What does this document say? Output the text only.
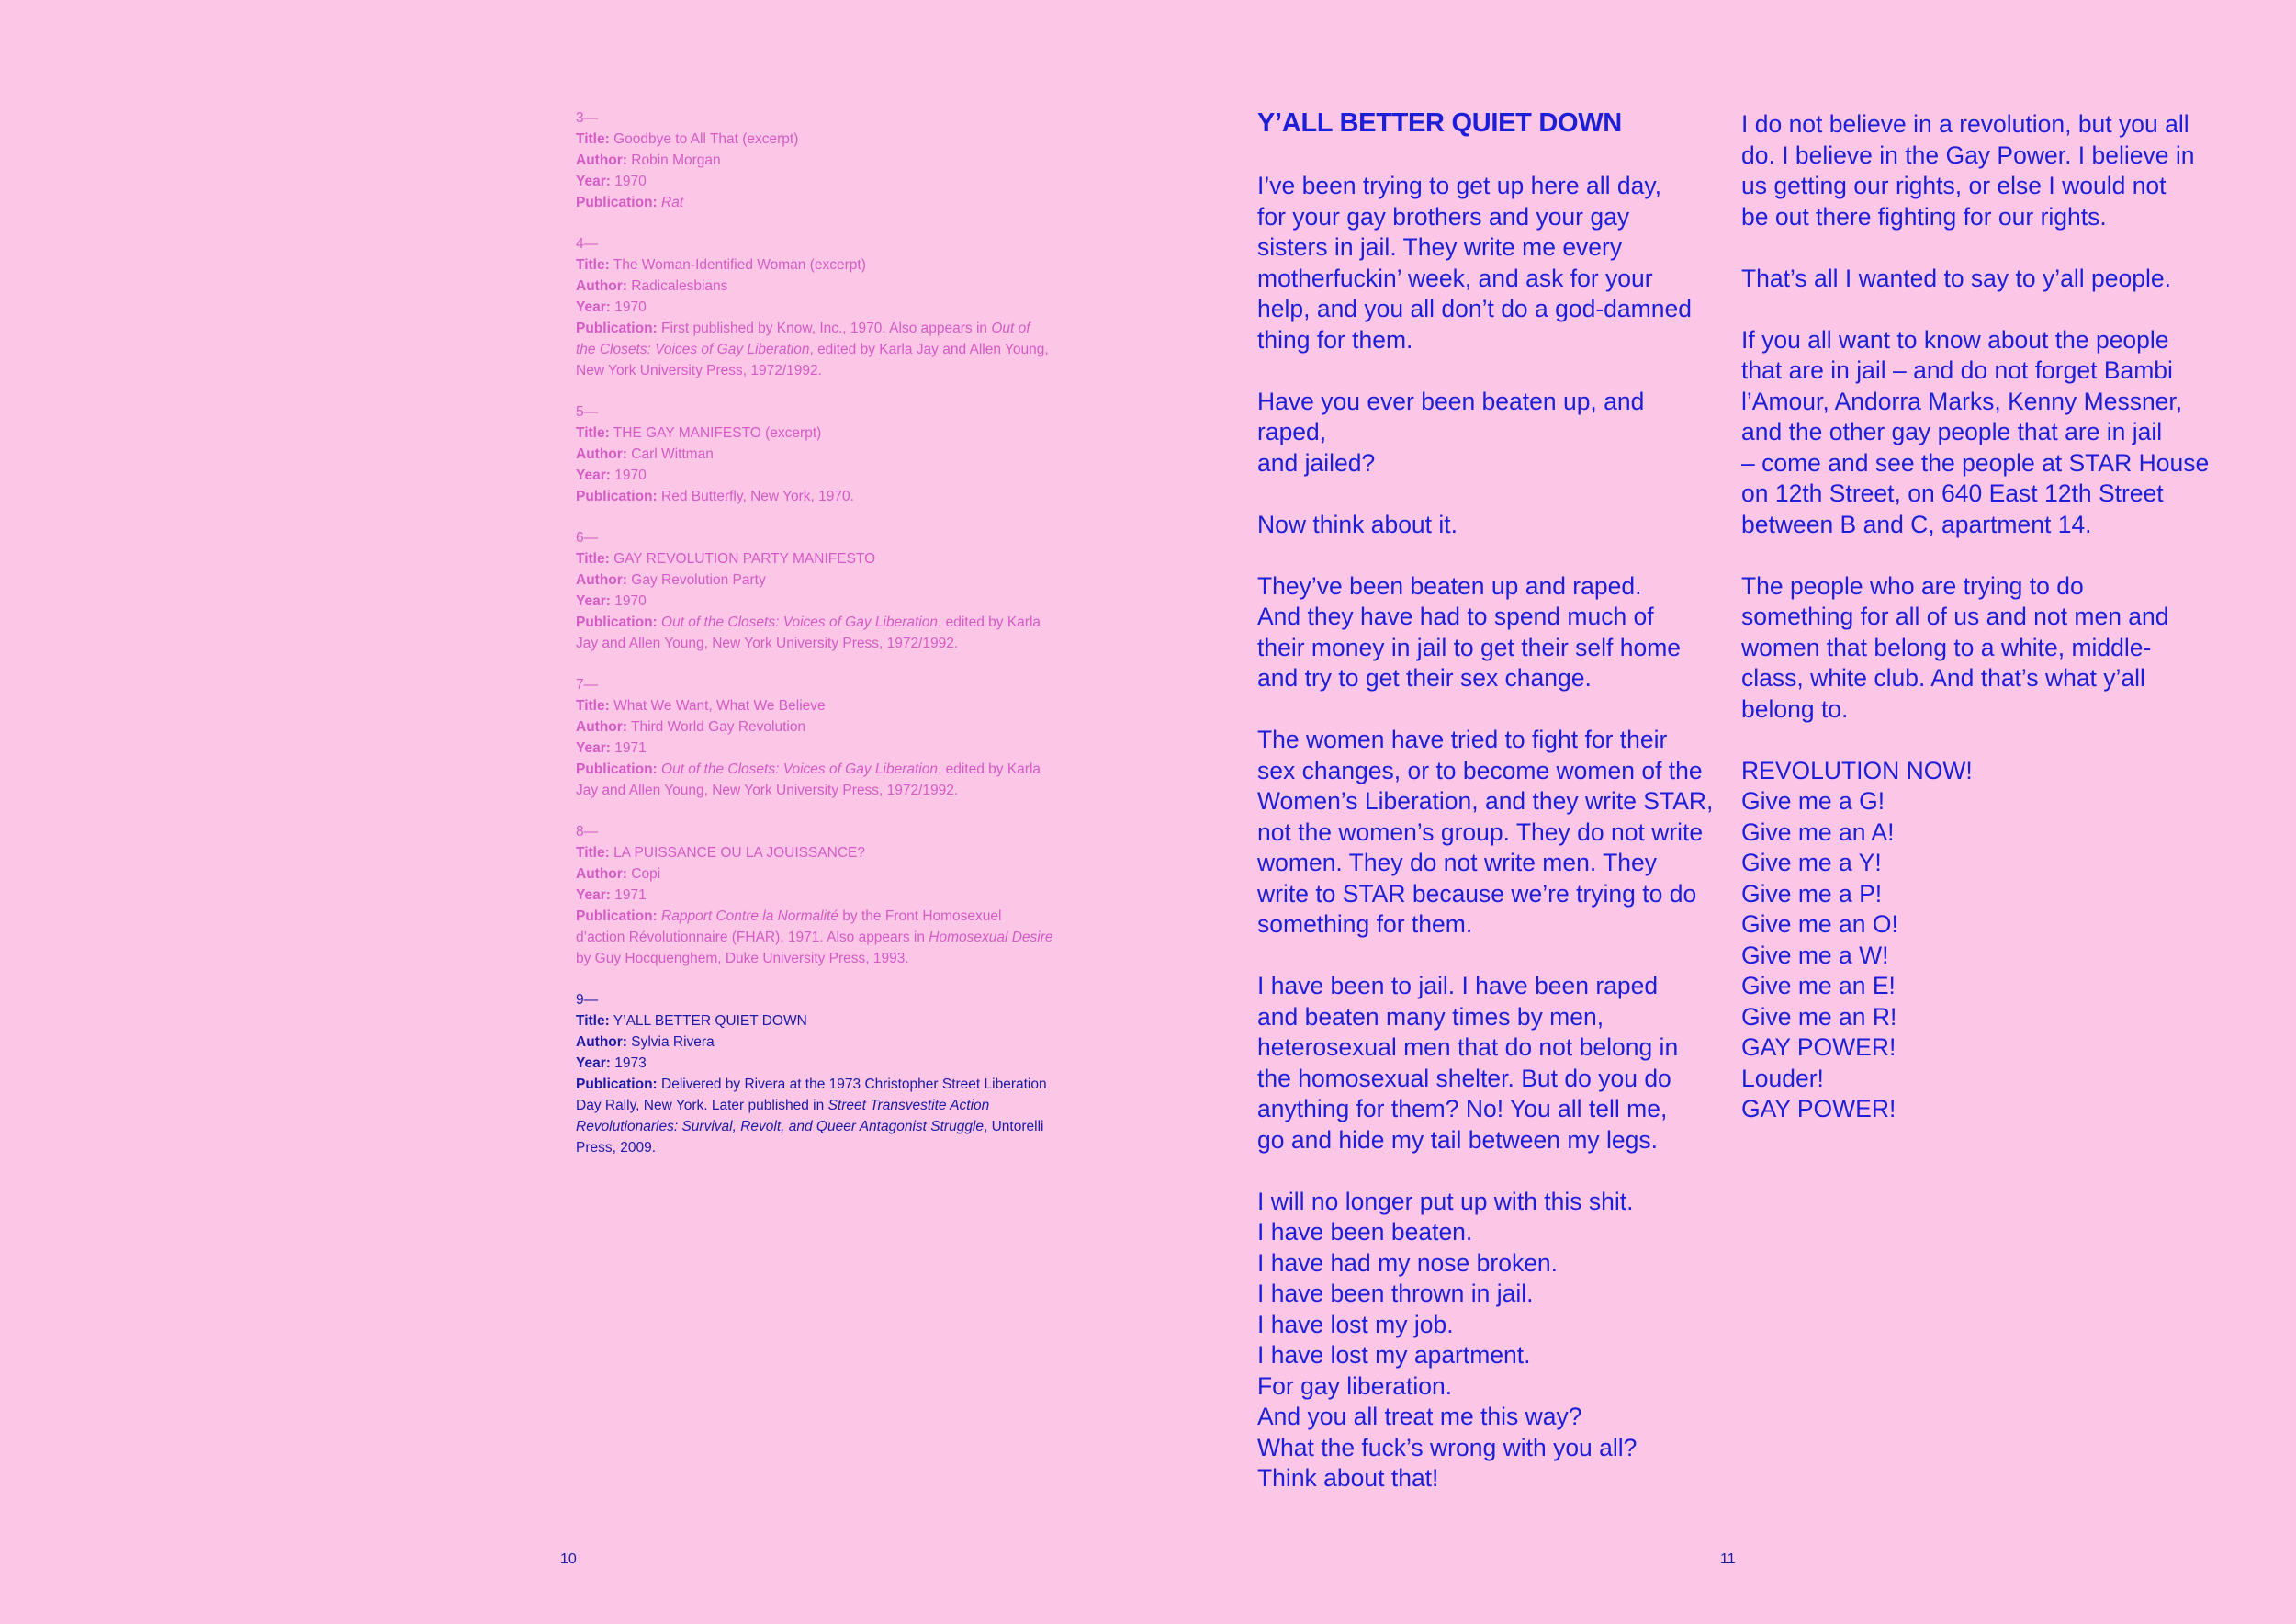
3—
Title: Goodbye to All That (excerpt)
Author: Robin Morgan
Year: 1970
Publication: Rat
4—
Title: The Woman-Identified Woman (excerpt)
Author: Radicalesbians
Year: 1970
Publication: First published by Know, Inc., 1970. Also appears in Out of the Closets: Voices of Gay Liberation, edited by Karla Jay and Allen Young, New York University Press, 1972/1992.
5—
Title: THE GAY MANIFESTO (excerpt)
Author: Carl Wittman
Year: 1970
Publication: Red Butterfly, New York, 1970.
6—
Title: GAY REVOLUTION PARTY MANIFESTO
Author: Gay Revolution Party
Year: 1970
Publication: Out of the Closets: Voices of Gay Liberation, edited by Karla Jay and Allen Young, New York University Press, 1972/1992.
7—
Title: What We Want, What We Believe
Author: Third World Gay Revolution
Year: 1971
Publication: Out of the Closets: Voices of Gay Liberation, edited by Karla Jay and Allen Young, New York University Press, 1972/1992.
8—
Title: LA PUISSANCE OU LA JOUISSANCE?
Author: Copi
Year: 1971
Publication: Rapport Contre la Normalité by the Front Homosexuel d’action Révolutionnaire (FHAR), 1971. Also appears in Homosexual Desire by Guy Hocquenghem, Duke University Press, 1993.
9—
Title: Y’ALL BETTER QUIET DOWN
Author: Sylvia Rivera
Year: 1973
Publication: Delivered by Rivera at the 1973 Christopher Street Liberation Day Rally, New York. Later published in Street Transvestite Action Revolutionaries: Survival, Revolt, and Queer Antagonist Struggle, Untorelli Press, 2009.
10
Y’ALL BETTER QUIET DOWN

I’ve been trying to get up here all day,
for your gay brothers and your gay
sisters in jail. They write me every
motherfuckin’ week, and ask for your
help, and you all don’t do a god-damned
thing for them.

Have you ever been beaten up, and raped,
and jailed?

Now think about it.

They’ve been beaten up and raped.
And they have had to spend much of
their money in jail to get their self home
and try to get their sex change.

The women have tried to fight for their
sex changes, or to become women of the
Women’s Liberation, and they write STAR,
not the women’s group. They do not write
women. They do not write men. They
write to STAR because we’re trying to do
something for them.

I have been to jail. I have been raped
and beaten many times by men,
heterosexual men that do not belong in
the homosexual shelter. But do you do
anything for them? No! You all tell me,
go and hide my tail between my legs.

I will no longer put up with this shit.
I have been beaten.
I have had my nose broken.
I have been thrown in jail.
I have lost my job.
I have lost my apartment.
For gay liberation.
And you all treat me this way?
What the fuck’s wrong with you all?
Think about that!

I do not believe in a revolution, but you all
do. I believe in the Gay Power. I believe in
us getting our rights, or else I would not
be out there fighting for our rights.

That’s all I wanted to say to y’all people.

If you all want to know about the people
that are in jail – and do not forget Bambi
l’Amour, Andorra Marks, Kenny Messner,
and the other gay people that are in jail
– come and see the people at STAR House
on 12th Street, on 640 East 12th Street
between B and C, apartment 14.

The people who are trying to do
something for all of us and not men and
women that belong to a white, middle-
class, white club. And that’s what y’all
belong to.

REVOLUTION NOW!
Give me a G!
Give me an A!
Give me a Y!
Give me a P!
Give me an O!
Give me a W!
Give me an E!
Give me an R!
GAY POWER!
Louder!
GAY POWER!

11
